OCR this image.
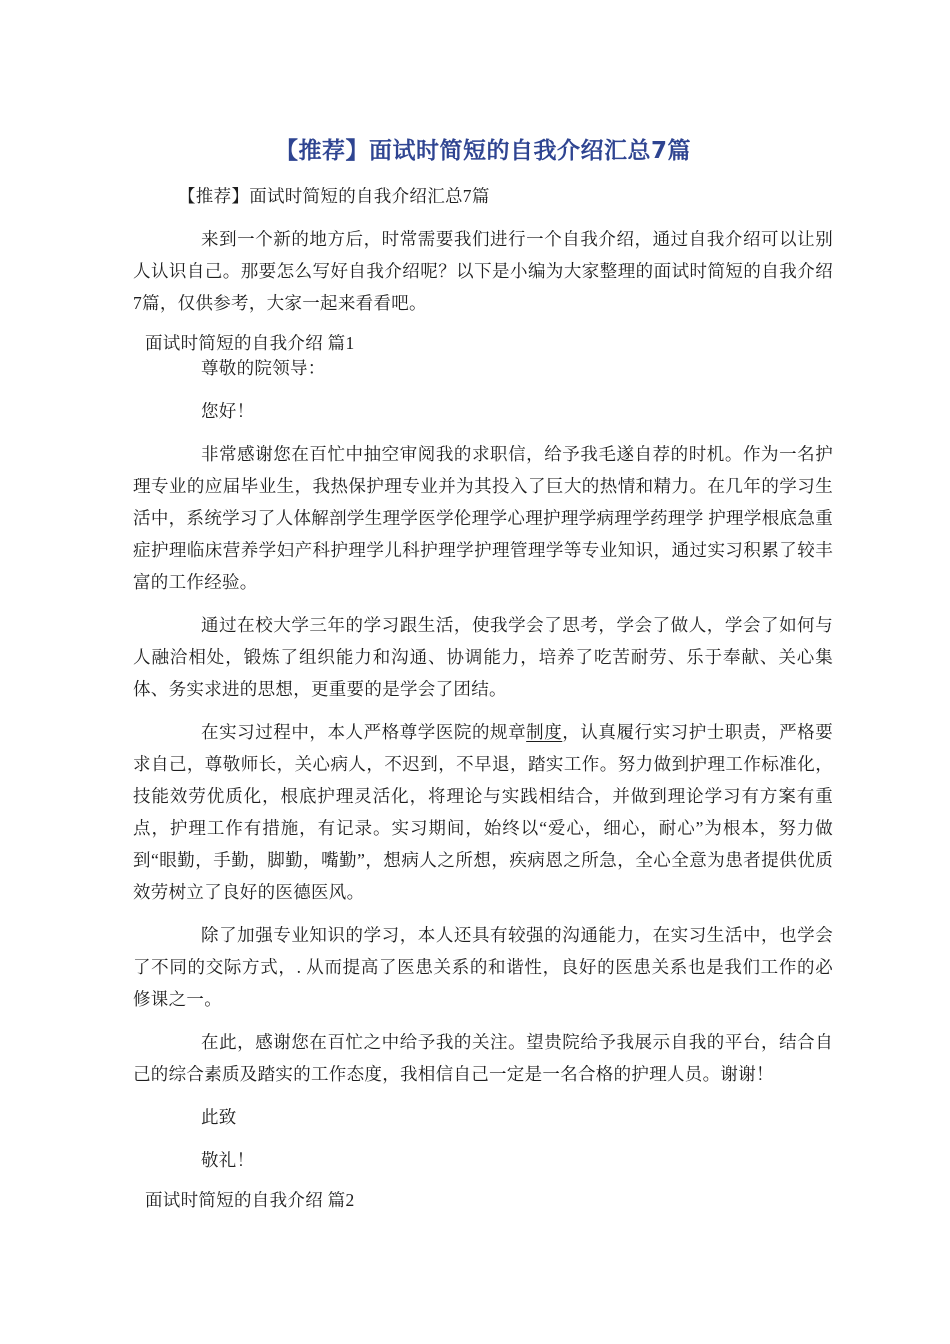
【推荐】面试时简短的自我介绍汇总7篇

【推荐】面试时简短的自我介绍汇总7篇

来到一个新的地方后，时常需要我们进行一个自我介绍，通过自我介绍可以让别人认识自己。那要怎么写好自我介绍呢？以下是小编为大家整理的面试时简短的自我介绍7篇，仅供参考，大家一起来看看吧。

面试时简短的自我介绍 篇1

尊敬的院领导：

您好！

非常感谢您在百忙中抽空审阅我的求职信，给予我毛遂自荐的时机。作为一名护理专业的应届毕业生，我热保护理专业并为其投入了巨大的热情和精力。在几年的学习生活中，系统学习了人体解剖学生理学医学伦理学心理护理学病理学药理学 护理学根底急重症护理临床营养学妇产科护理学儿科护理学护理管理学等专业知识，通过实习积累了较丰富的工作经验。

通过在校大学三年的学习跟生活，使我学会了思考，学会了做人，学会了如何与人融洽相处，锻炼了组织能力和沟通、协调能力，培养了吃苦耐劳、乐于奉献、关心集体、务实求进的思想，更重要的是学会了团结。

在实习过程中，本人严格尊学医院的规章制度，认真履行实习护士职责，严格要求自己，尊敬师长，关心病人，不迟到，不早退，踏实工作。努力做到护理工作标准化，技能效劳优质化，根底护理灵活化，将理论与实践相结合，并做到理论学习有方案有重点，护理工作有措施，有记录。实习期间，始终以“爱心，细心，耐心”为根本，努力做到“眼勤，手勤，脚勤，嘴勤”，想病人之所想，疾病恩之所急，全心全意为患者提供优质效劳树立了良好的医德医风。

除了加强专业知识的学习，本人还具有较强的沟通能力，在实习生活中，也学会了不同的交际方式，. 从而提高了医患关系的和谐性，良好的医患关系也是我们工作的必修课之一。

在此，感谢您在百忙之中给予我的关注。望贵院给予我展示自我的平台，结合自己的综合素质及踏实的工作态度，我相信自己一定是一名合格的护理人员。谢谢！

此致

敬礼！

面试时简短的自我介绍 篇2
